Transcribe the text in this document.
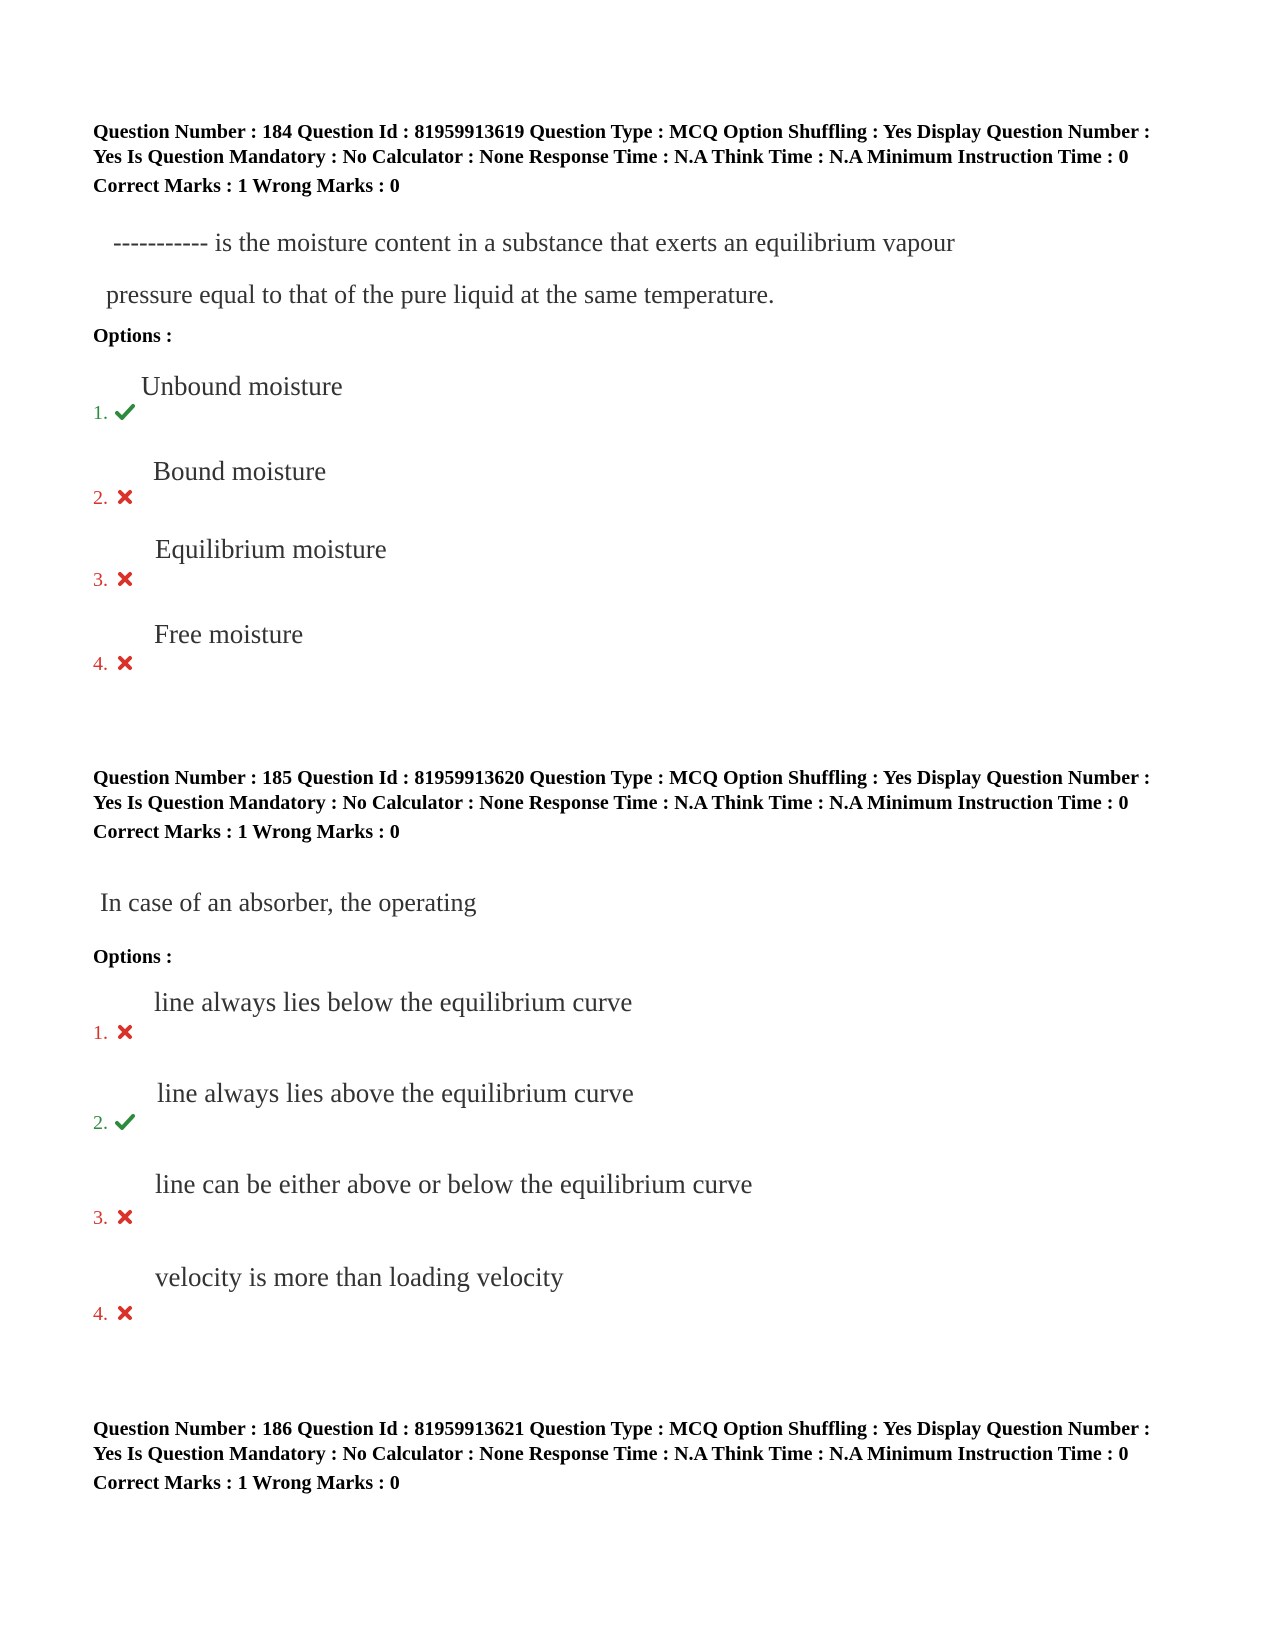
Question Number : 184 Question Id : 81959913619 Question Type : MCQ Option Shuffling : Yes Display Question Number : Yes Is Question Mandatory : No Calculator : None Response Time : N.A Think Time : N.A Minimum Instruction Time : 0

Correct Marks : 1 Wrong Marks : 0

----------- is the moisture content in a substance that exerts an equilibrium vapour

pressure equal to that of the pure liquid at the same temperature.

Options :

1.
Unbound moisture
2.
Bound moisture
3.
Equilibrium moisture
4.
Free moisture

Question Number : 185 Question Id : 81959913620 Question Type : MCQ Option Shuffling : Yes Display Question Number : Yes Is Question Mandatory : No Calculator : None Response Time : N.A Think Time : N.A Minimum Instruction Time : 0

Correct Marks : 1 Wrong Marks : 0

In case of an absorber, the operating

Options :

1.
line always lies below the equilibrium curve
2.
line always lies above the equilibrium curve
3.
line can be either above or below the equilibrium curve
4.
velocity is more than loading velocity

Question Number : 186 Question Id : 81959913621 Question Type : MCQ Option Shuffling : Yes Display Question Number : Yes Is Question Mandatory : No Calculator : None Response Time : N.A Think Time : N.A Minimum Instruction Time : 0

Correct Marks : 1 Wrong Marks : 0
